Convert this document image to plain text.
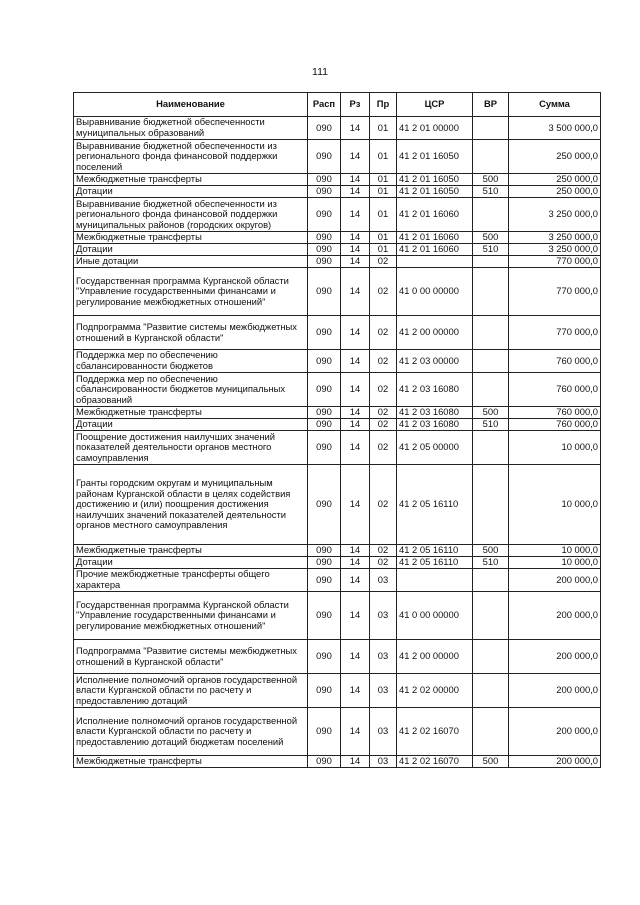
111
Наименование	Расп	Рз	Пр	ЦСР	ВР	Сумма
Выравнивание бюджетной обеспеченности муниципальных образований	090	14	01	41 2 01 00000		3 500 000,0
Выравнивание бюджетной обеспеченности из регионального фонда финансовой поддержки поселений	090	14	01	41 2 01 16050		250 000,0
Межбюджетные трансферты	090	14	01	41 2 01 16050	500	250 000,0
Дотации	090	14	01	41 2 01 16050	510	250 000,0
Выравнивание бюджетной обеспеченности из регионального фонда финансовой поддержки муниципальных районов (городских округов)	090	14	01	41 2 01 16060		3 250 000,0
Межбюджетные трансферты	090	14	01	41 2 01 16060	500	3 250 000,0
Дотации	090	14	01	41 2 01 16060	510	3 250 000,0
Иные дотации	090	14	02			770 000,0
Государственная программа Курганской области "Управление государственными финансами и регулирование межбюджетных отношений"	090	14	02	41 0 00 00000		770 000,0
Подпрограмма "Развитие системы межбюджетных отношений в Курганской области"	090	14	02	41 2 00 00000		770 000,0
Поддержка мер по обеспечению сбалансированности бюджетов	090	14	02	41 2 03 00000		760 000,0
Поддержка мер по обеспечению сбалансированности бюджетов муниципальных образований	090	14	02	41 2 03 16080		760 000,0
Межбюджетные трансферты	090	14	02	41 2 03 16080	500	760 000,0
Дотации	090	14	02	41 2 03 16080	510	760 000,0
Поощрение достижения наилучших значений показателей деятельности органов местного самоуправления	090	14	02	41 2 05 00000		10 000,0
Гранты городским округам и муниципальным районам Курганской области в целях содействия достижению и (или) поощрения достижения наилучших значений показателей деятельности органов местного самоуправления	090	14	02	41 2 05 16110		10 000,0
Межбюджетные трансферты	090	14	02	41 2 05 16110	500	10 000,0
Дотации	090	14	02	41 2 05 16110	510	10 000,0
Прочие межбюджетные трансферты общего характера	090	14	03			200 000,0
Государственная программа Курганской области "Управление государственными финансами и регулирование межбюджетных отношений"	090	14	03	41 0 00 00000		200 000,0
Подпрограмма "Развитие системы межбюджетных отношений в Курганской области"	090	14	03	41 2 00 00000		200 000,0
Исполнение полномочий органов государственной власти Курганской области по расчету и предоставлению дотаций	090	14	03	41 2 02 00000		200 000,0
Исполнение полномочий органов государственной власти Курганской области по расчету и предоставлению дотаций бюджетам поселений	090	14	03	41 2 02 16070		200 000,0
Межбюджетные трансферты	090	14	03	41 2 02 16070	500	200 000,0
